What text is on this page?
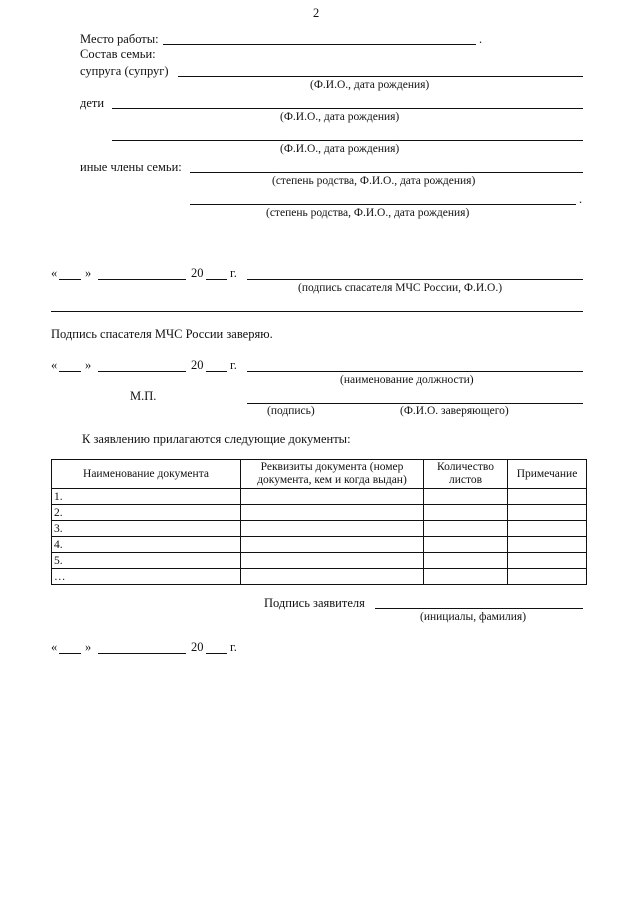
2
Место работы:	.
Состав семьи:
супруга (супруг)
(Ф.И.О., дата рождения)
дети
(Ф.И.О., дата рождения)
(Ф.И.О., дата рождения)
иные члены семьи:
(степень родства, Ф.И.О., дата рождения)
.
(степень родства, Ф.И.О., дата рождения)
« »	20 г.
(подпись спасателя МЧС России, Ф.И.О.)
Подпись спасателя МЧС России заверяю.
« »	20 г.
(наименование должности)
М.П.
(подпись)	(Ф.И.О. заверяющего)
К заявлению прилагаются следующие документы:
Наименование документа	Реквизиты документа (номер документа, кем и когда выдан)	Количество листов	Примечание
1.			
2.			
3.			
4.			
5.			
…			
Подпись заявителя
(инициалы, фамилия)
« »	20 г.
